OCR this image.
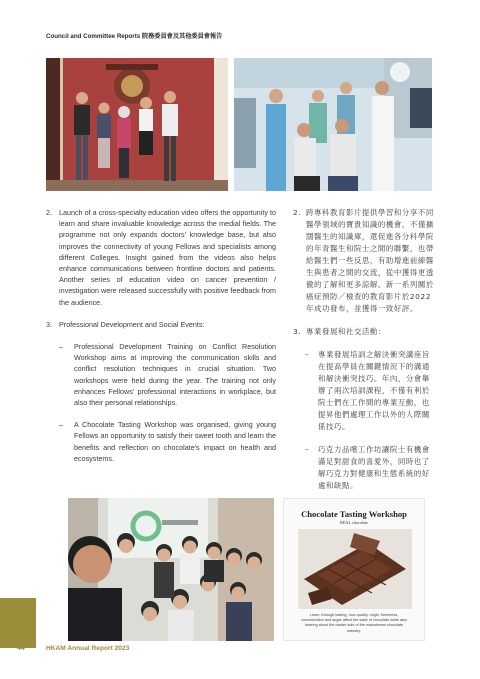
Council and Committee Reports 院務委員會及其他委員會報告
2. Launch of a cross-specialty education video offers the opportunity to learn and share invaluable knowledge across the medial fields. The programme not only expands doctors' knowledge base, but also improves the connectivity of young Fellows and specialists among different Colleges. Insight gained from the videos also helps enhance communications between frontline doctors and patients. Another series of education video on cancer prevention / investigation were released successfully with positive feedback from the audience.
3. Professional Development and Social Events:
–	Professional Development Training on Conflict Resolution Workshop aims at improving the communication skills and conflict resolution techniques in crucial situation. Two workshops were held during the year. The training not only enhances Fellows' professional interactions in workplace, but also their personal relationships.
–	A Chocolate Tasting Workshop was organised, giving young Fellows an opportunity to satisfy their sweet tooth and learn the benefits and reflection on chocolate's impact on health and ecosystems.
2. 跨專科教育影片提供學習和分享不同醫學領域的寶貴知識的機會，不僅擴闊醫生的知識庫，還促進各分科學院的年青醫生和院士之間的聯繫，也帶給醫生們一些反思，有助增進前線醫生與患者之間的交流，從中獲得更透徹的了解和更多諒解。新一系列關於癌症預防／檢查的教育影片於2022年成功發布，並獲得一致好評。
3. 專業發展和社交活動：
–	專業發展培訓之解決衝突講座旨在提高學員在關鍵情況下的溝通和解決衝突技巧。年內，分會舉辦了兩次培訓課程，不僅有利於院士們在工作間的專業互動，也提昇他們處理工作以外的人際關係技巧。
–	巧克力品嚐工作坊讓院士有機會滿足對甜食的喜愛外，同時也了解巧克力對健康和生態系統的好處和缺點。
Chocolate Tasting Workshop
REAL chocolate
Learn, through tasting, how quality, origin, freshness, concentration and sugar affect the taste of chocolate while also hearing about the darker side of the mainstream chocolate industry.
44	HKAM Annual Report 2023
